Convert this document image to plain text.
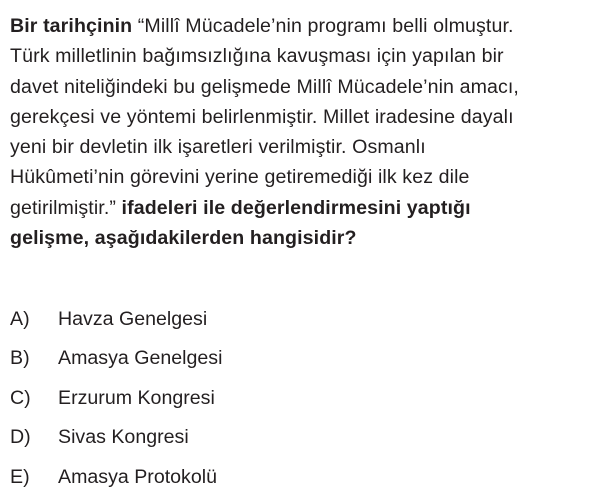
Bir tarihçinin “Millî Mücadele’nin programı belli olmuştur.
Türk milletlinin bağımsızlığına kavuşması için yapılan bir
davet niteliğindeki bu gelişmede Millî Mücadele’nin amacı,
gerekçesi ve yöntemi belirlenmiştir. Millet iradesine dayalı
yeni bir devletin ilk işaretleri verilmiştir. Osmanlı
Hükûmeti’nin görevini yerine getiremediği ilk kez dile
getirilmiştir.” ifadeleri ile değerlendirmesini yaptığı
gelişme, aşağıdakilerden hangisidir?
A) Havza Genelgesi
B) Amasya Genelgesi
C) Erzurum Kongresi
D) Sivas Kongresi
E) Amasya Protokolü
